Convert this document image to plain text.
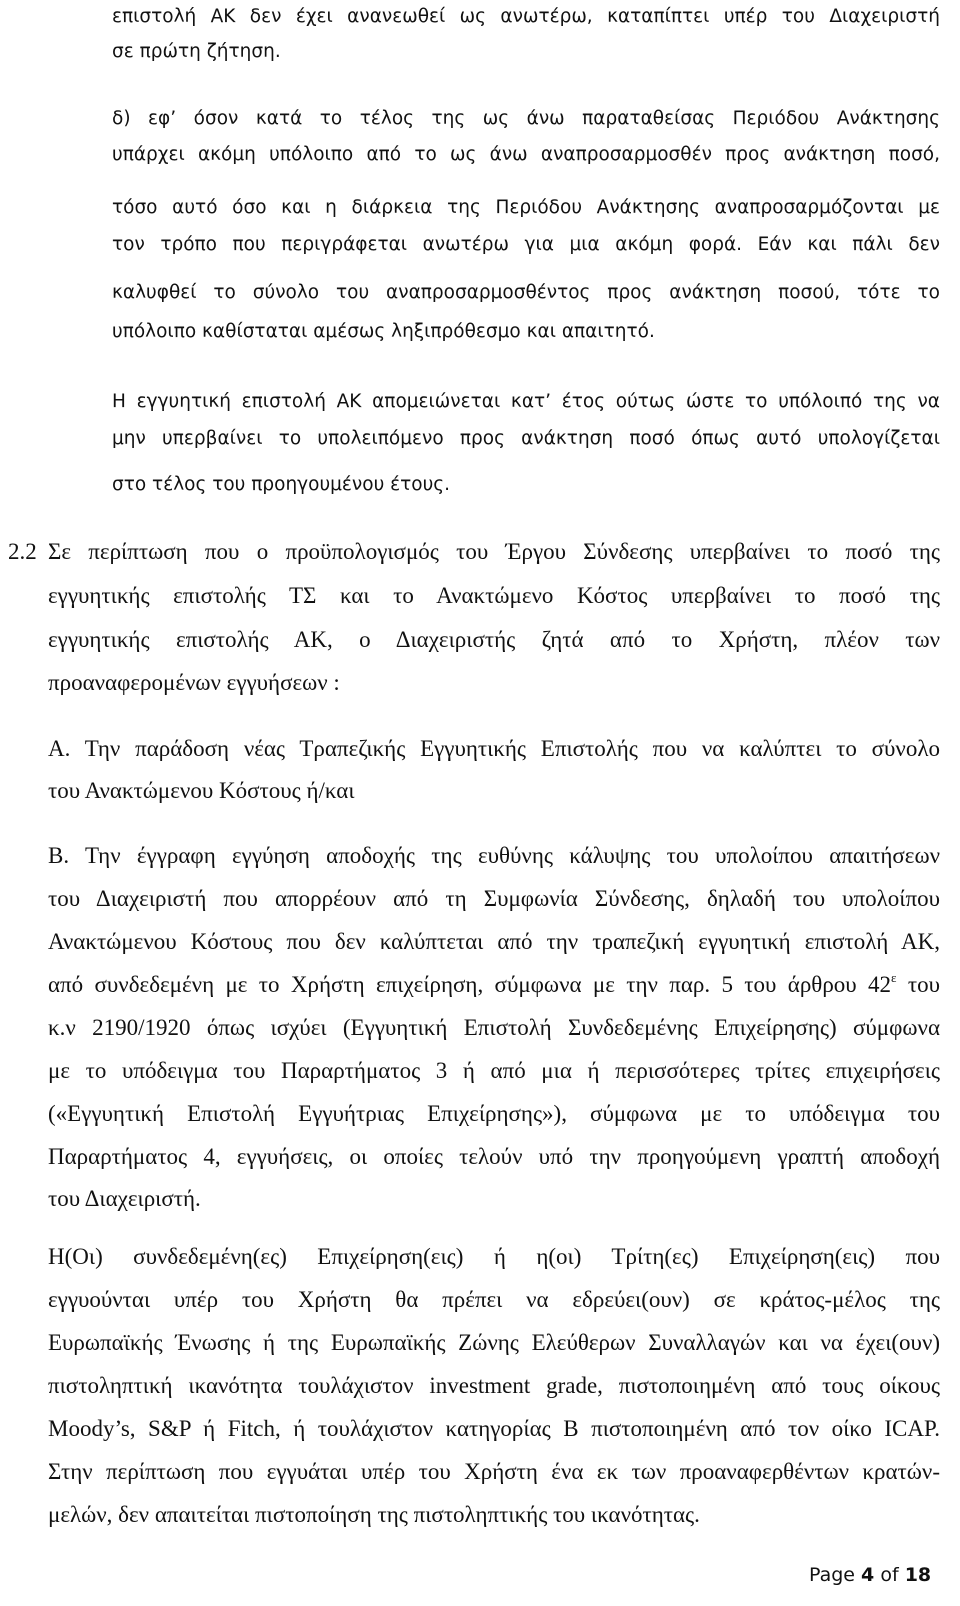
επιστολή ΑΚ δεν έχει ανανεωθεί ως ανωτέρω, καταπίπτει υπέρ του Διαχειριστή
σε πρώτη ζήτηση.
δ) εφ’ όσον κατά το τέλος της ως άνω παραταθείσας Περιόδου Ανάκτησης
υπάρχει ακόμη υπόλοιπο από το ως άνω αναπροσαρμοσθέν προς ανάκτηση ποσό,
τόσο αυτό όσο και η διάρκεια της Περιόδου Ανάκτησης αναπροσαρμόζονται με
τον τρόπο που περιγράφεται ανωτέρω για μια ακόμη φορά. Εάν και πάλι δεν
καλυφθεί το σύνολο του αναπροσαρμοσθέντος προς ανάκτηση ποσού, τότε το
υπόλοιπο καθίσταται αμέσως ληξιπρόθεσμο και απαιτητό.
Η εγγυητική επιστολή ΑΚ απομειώνεται κατ’ έτος ούτως ώστε το υπόλοιπό της να
μην υπερβαίνει το υπολειπόμενο προς ανάκτηση ποσό όπως αυτό υπολογίζεται
στο τέλος του προηγουμένου έτους.
2.2 Σε περίπτωση που ο προϋπολογισμός του Έργου Σύνδεσης υπερβαίνει το ποσό της
εγγυητικής επιστολής ΤΣ και το Ανακτώμενο Κόστος υπερβαίνει το ποσό της
εγγυητικής επιστολής ΑΚ, ο Διαχειριστής ζητά από το Χρήστη, πλέον των
προαναφερομένων εγγυήσεων :
Α. Την παράδοση νέας Τραπεζικής Εγγυητικής Επιστολής που να καλύπτει το σύνολο
του Ανακτώμενου Κόστους ή/και
Β. Την έγγραφη εγγύηση αποδοχής της ευθύνης κάλυψης του υπολοίπου απαιτήσεων
του Διαχειριστή που απορρέουν από τη Συμφωνία Σύνδεσης, δηλαδή του υπολοίπου
Ανακτώμενου Κόστους που δεν καλύπτεται από την τραπεζική εγγυητική επιστολή ΑΚ,
από συνδεδεμένη με το Χρήστη επιχείρηση, σύμφωνα με την παρ. 5 του άρθρου $42^\varepsilon$ του
κ.ν 2190/1920 όπως ισχύει (Εγγυητική Επιστολή Συνδεδεμένης Επιχείρησης) σύμφωνα
με το υπόδειγμα του Παραρτήματος 3 ή από μια ή περισσότερες τρίτες επιχειρήσεις
(«Εγγυητική Επιστολή Εγγυήτριας Επιχείρησης»), σύμφωνα με το υπόδειγμα του
Παραρτήματος 4, εγγυήσεις, οι οποίες τελούν υπό την προηγούμενη γραπτή αποδοχή
του Διαχειριστή.
Η(Οι) συνδεδεμένη(ες) Επιχείρηση(εις) ή η(οι) Τρίτη(ες) Επιχείρηση(εις) που
εγγυούνται υπέρ του Χρήστη θα πρέπει να εδρεύει(ουν) σε κράτος-μέλος της
Ευρωπαϊκής Ένωσης ή της Ευρωπαϊκής Ζώνης Ελεύθερων Συναλλαγών και να έχει(ουν)
πιστοληπτική ικανότητα τουλάχιστον investment grade, πιστοποιημένη από τους οίκους
Moody’s, S&P ή Fitch, ή τουλάχιστον κατηγορίας Β πιστοποιημένη από τον οίκο ICAP.
Στην περίπτωση που εγγυάται υπέρ του Χρήστη ένα εκ των προαναφερθέντων κρατών-
μελών, δεν απαιτείται πιστοποίηση της πιστοληπτικής του ικανότητας.
Page 4 of 18
